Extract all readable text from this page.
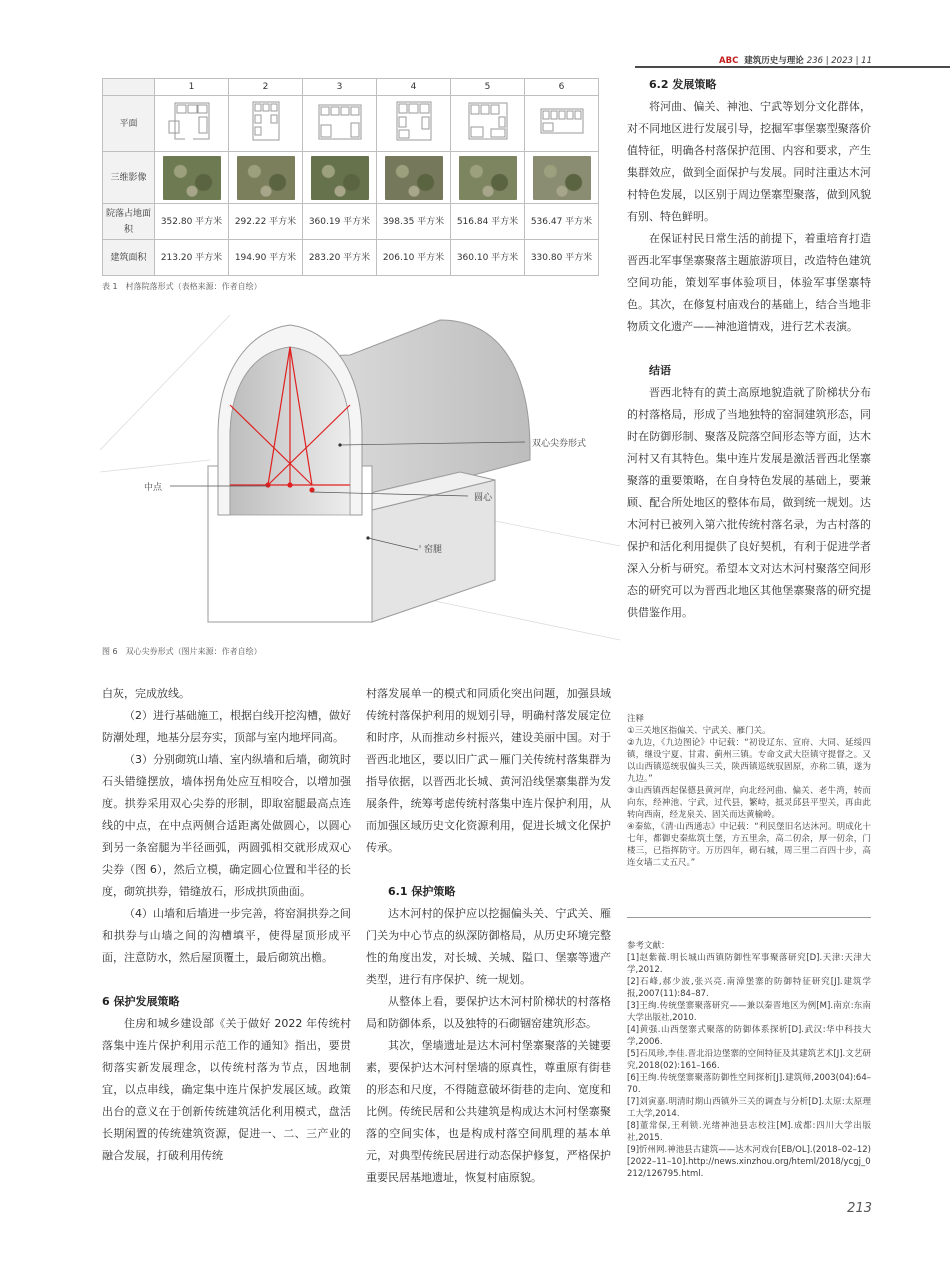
ABC 建筑历史与理论 236 | 2023 | 11
	1	2	3	4	5	6
平面						
三维影像	

院落占地面积	352.80 平方米	292.22 平方米	360.19 平方米	398.35 平方米	516.84 平方米	536.47 平方米
建筑面积	213.20 平方米	194.90 平方米	283.20 平方米	206.10 平方米	360.10 平方米	330.80 平方米
表 1　村落院落形式（表格来源：作者自绘）
双心尖券形式
中点
圆心
窑腿
图 6　双心尖券形式（图片来源：作者自绘）

白灰，完成放线。

（2）进行基础施工，根据白线开挖沟槽，做好防潮处理，地基分层夯实，顶部与室内地坪同高。

（3）分别砌筑山墙、室内纵墙和后墙，砌筑时石头错缝摆放，墙体拐角处应互相咬合，以增加强度。拱券采用双心尖券的形制，即取窑腿最高点连线的中点，在中点两侧合适距离处做圆心，以圆心到另一条窑腿为半径画弧，两圆弧相交就形成双心尖券（图 6），然后立模，确定圆心位置和半径的长度，砌筑拱券，错缝放石，形成拱顶曲面。

（4）山墙和后墙进一步完善，将窑洞拱券之间和拱券与山墙之间的沟槽填平，使得屋顶形成平面，注意防水，然后屋顶覆土，最后砌筑出檐。

6 保护发展策略

住房和城乡建设部《关于做好 2022 年传统村落集中连片保护利用示范工作的通知》指出，要贯彻落实新发展理念，以传统村落为节点，因地制宜，以点串线，确定集中连片保护发展区域。政策出台的意义在于创新传统建筑活化利用模式，盘活长期闲置的传统建筑资源，促进一、二、三产业的融合发展，打破利用传统

村落发展单一的模式和同质化突出问题，加强县域传统村落保护利用的规划引导，明确村落发展定位和时序，从而推动乡村振兴，建设美丽中国。对于晋西北地区，要以旧广武－雁门关传统村落集群为指导依据，以晋西北长城、黄河沿线堡寨集群为发展条件，统筹考虑传统村落集中连片保护利用，从而加强区域历史文化资源利用，促进长城文化保护传承。

6.1 保护策略

达木河村的保护应以挖掘偏头关、宁武关、雁门关为中心节点的纵深防御格局，从历史环境完整性的角度出发，对长城、关城、隘口、堡寨等遗产类型，进行有序保护、统一规划。

从整体上看，要保护达木河村阶梯状的村落格局和防御体系，以及独特的石砌锢窑建筑形态。

其次，堡墙遗址是达木河村堡寨聚落的关键要素，要保护达木河村堡墙的原真性，尊重原有街巷的形态和尺度，不得随意破坏街巷的走向、宽度和比例。传统民居和公共建筑是构成达木河村堡寨聚落的空间实体，也是构成村落空间肌理的基本单元，对典型传统民居进行动态保护修复，严格保护重要民居基地遗址，恢复村庙原貌。

6.2 发展策略

将河曲、偏关、神池、宁武等划分文化群体，对不同地区进行发展引导，挖掘军事堡寨型聚落价值特征，明确各村落保护范围、内容和要求，产生集群效应，做到全面保护与发展。同时注重达木河村特色发展，以区别于周边堡寨型聚落，做到风貌有别、特色鲜明。

在保证村民日常生活的前提下，着重培育打造晋西北军事堡寨聚落主题旅游项目，改造特色建筑空间功能，策划军事体验项目，体验军事堡寨特色。其次，在修复村庙戏台的基础上，结合当地非物质文化遗产——神池道情戏，进行艺术表演。

结语

晋西北特有的黄土高原地貌造就了阶梯状分布的村落格局，形成了当地独特的窑洞建筑形态，同时在防御形制、聚落及院落空间形态等方面，达木河村又有其特色。集中连片发展是激活晋西北堡寨聚落的重要策略，在自身特色发展的基础上，要兼顾、配合所处地区的整体布局，做到统一规划。达木河村已被列入第六批传统村落名录，为古村落的保护和活化利用提供了良好契机，有利于促进学者深入分析与研究。希望本文对达木河村聚落空间形态的研究可以为晋西北地区其他堡寨聚落的研究提供借鉴作用。

注释
①三关地区指偏关、宁武关、雁门关。
②九边，《九边图论》中记载：“初设辽东、宣府、大同、延绥四镇，继设宁夏、甘肃、蓟州三镇。专命文武大臣镇守提督之。又以山西镇巡统驭偏头三关，陕西镇巡统驭固原，亦称二镇，遂为九边。”
③山西镇西起保德县黄河岸，向北经河曲、偏关、老牛湾，转而向东，经神池、宁武，过代县，繁峙，抵灵邱县平型关，再由此转向西南，经龙泉关、固关而达黄榆岭。
④秦紘，《清·山西通志》中记载：“利民堡旧名达沐河。明成化十七年，都御史秦紘筑土堡，方五里余，高二仞余，厚一仞余，门楼三，已指挥防守。万历四年，砌石城，周三里二百四十步，高连女墙二丈五尺。”
参考文献：
[1]赵紫薇.明长城山西镇防御性军事聚落研究[D].天津:天津大学,2012.
[2]石峰,郝少波,张兴亮.南漳堡寨的防御特征研究[J].建筑学报,2007(11):84–87.
[3]王绚.传统堡寨聚落研究——兼以秦晋地区为例[M].南京:东南大学出版社,2010.
[4]黄强.山西堡寨式聚落的防御体系探析[D].武汉:华中科技大学,2006.
[5]石凤珍,李佳.晋北沿边堡寨的空间特征及其建筑艺术[J].文艺研究,2018(02):161–166.
[6]王绚.传统堡寨聚落防御性空间探析[J].建筑师,2003(04):64–70.
[7]刘寅嘉.明清时期山西镇外三关的调查与分析[D].太原:太原理工大学,2014.
[8]董常保,王利锁.光绪神池县志校注[M].成都:四川大学出版社,2015.
[9]忻州网.神池县古建筑——达木河戏台[EB/OL].(2018–02–12)[2022–11–10].http://news.xinzhou.org/hteml/2018/ycgj_0212/126795.html.
213
